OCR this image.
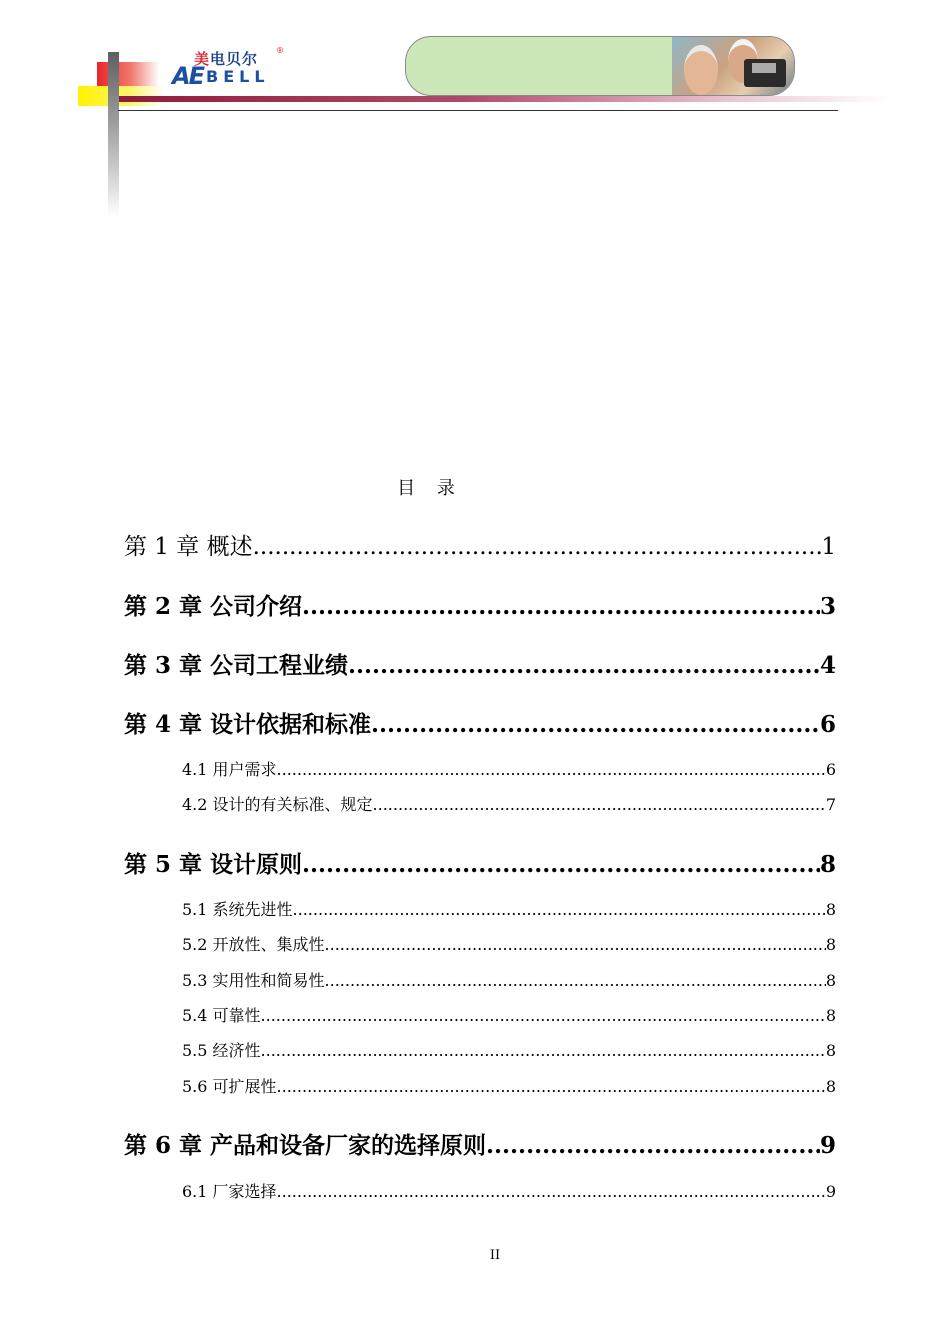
美电贝尔 ®
AE BELL
目 录
第 1 章 概述 .....	1
第 2 章 公司介绍 .....	3
第 3 章 公司工程业绩 .....	4
第 4 章 设计依据和标准 .....	6
4.1 用户需求 .....	6
4.2 设计的有关标准、规定 .....	7
第 5 章 设计原则 .....	8
5.1 系统先进性 .....	8
5.2 开放性、集成性 .....	8
5.3 实用性和简易性 .....	8
5.4 可靠性 .....	8
5.5 经济性 .....	8
5.6 可扩展性 .....	8
第 6 章 产品和设备厂家的选择原则 .....	9
6.1 厂家选择 .....	9
II
